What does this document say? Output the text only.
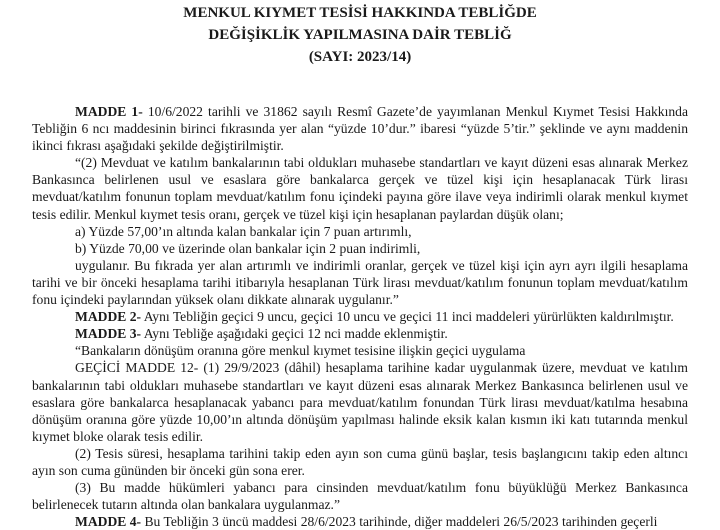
MENKUL KIYMET TESİSİ HAKKINDA TEBLİĞDE
DEĞİŞİKLİK YAPILMASINA DAİR TEBLİĞ
(SAYI: 2023/14)

MADDE 1- 10/6/2022 tarihli ve 31862 sayılı Resmî Gazete’de yayımlanan Menkul Kıymet Tesisi Hakkında Tebliğin 6 ncı maddesinin birinci fıkrasında yer alan “yüzde 10’dur.” ibaresi “yüzde 5’tir.” şeklinde ve aynı maddenin ikinci fıkrası aşağıdaki şekilde değiştirilmiştir.

“(2) Mevduat ve katılım bankalarının tabi oldukları muhasebe standartları ve kayıt düzeni esas alınarak Merkez Bankasınca belirlenen usul ve esaslara göre bankalarca gerçek ve tüzel kişi için hesaplanacak Türk lirası mevduat/katılım fonunun toplam mevduat/katılım fonu içindeki payına göre ilave veya indirimli olarak menkul kıymet tesis edilir. Menkul kıymet tesis oranı, gerçek ve tüzel kişi için hesaplanan paylardan düşük olanı;

a) Yüzde 57,00’ın altında kalan bankalar için 7 puan artırımlı,

b) Yüzde 70,00 ve üzerinde olan bankalar için 2 puan indirimli,

uygulanır. Bu fıkrada yer alan artırımlı ve indirimli oranlar, gerçek ve tüzel kişi için ayrı ayrı ilgili hesaplama tarihi ve bir önceki hesaplama tarihi itibarıyla hesaplanan Türk lirası mevduat/katılım fonunun toplam mevduat/katılım fonu içindeki paylarından yüksek olanı dikkate alınarak uygulanır.”

MADDE 2- Aynı Tebliğin geçici 9 uncu, geçici 10 uncu ve geçici 11 inci maddeleri yürürlükten kaldırılmıştır.

MADDE 3- Aynı Tebliğe aşağıdaki geçici 12 nci madde eklenmiştir.

“Bankaların dönüşüm oranına göre menkul kıymet tesisine ilişkin geçici uygulama

GEÇİCİ MADDE 12- (1) 29/9/2023 (dâhil) hesaplama tarihine kadar uygulanmak üzere, mevduat ve katılım bankalarının tabi oldukları muhasebe standartları ve kayıt düzeni esas alınarak Merkez Bankasınca belirlenen usul ve esaslara göre bankalarca hesaplanacak yabancı para mevduat/katılım fonundan Türk lirası mevduat/katılma hesabına dönüşüm oranına göre yüzde 10,00’ın altında dönüşüm yapılması halinde eksik kalan kısmın iki katı tutarında menkul kıymet bloke olarak tesis edilir.

(2) Tesis süresi, hesaplama tarihini takip eden ayın son cuma günü başlar, tesis başlangıcını takip eden altıncı ayın son cuma gününden bir önceki gün sona erer.

(3) Bu madde hükümleri yabancı para cinsinden mevduat/katılım fonu büyüklüğü Merkez Bankasınca belirlenecek tutarın altında olan bankalara uygulanmaz.”

MADDE 4- Bu Tebliğin 3 üncü maddesi 28/6/2023 tarihinde, diğer maddeleri 26/5/2023 tarihinden geçerli
